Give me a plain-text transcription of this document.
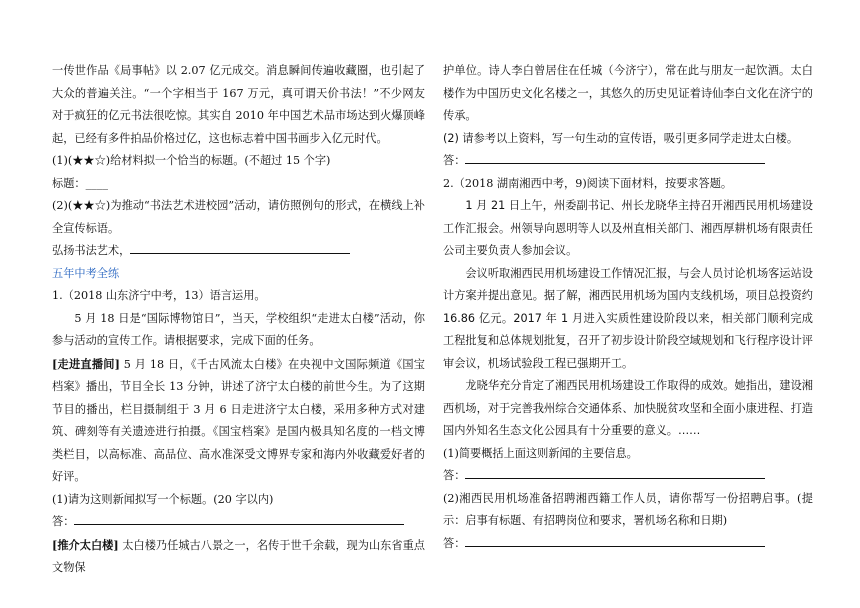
一传世作品《局事帖》以 2.07 亿元成交。消息瞬间传遍收藏圈，也引起了大众的普遍关注。“一个字相当于 167 万元，真可谓天价书法！”不少网友对于疯狂的亿元书法很吃惊。其实自 2010 年中国艺术品市场达到火爆顶峰起，已经有多件拍品价格过亿，这也标志着中国书画步入亿元时代。

(1)(★★☆)给材料拟一个恰当的标题。(不超过 15 个字)

标题：____

(2)(★★☆)为推动“书法艺术进校园”活动，请仿照例句的形式，在横线上补全宣传标语。

弘扬书法艺术，

五年中考全练

1.（2018 山东济宁中考，13）语言运用。

5 月 18 日是“国际博物馆日”，当天，学校组织“走进太白楼”活动，你参与活动的宣传工作。请根据要求，完成下面的任务。

[走进直播间] 5 月 18 日，《千古风流太白楼》在央视中文国际频道《国宝档案》播出，节目全长 13 分钟，讲述了济宁太白楼的前世今生。为了这期节目的播出，栏目摄制组于 3 月 6 日走进济宁太白楼，采用多种方式对建筑、碑刻等有关遗迹进行拍摄。《国宝档案》是国内极具知名度的一档文博类栏目，以高标准、高品位、高水准深受文博界专家和海内外收藏爱好者的好评。

(1)请为这则新闻拟写一个标题。(20 字以内)

答：

[推介太白楼] 太白楼乃任城古八景之一，名传于世千余载，现为山东省重点文物保

护单位。诗人李白曾居住在任城（今济宁），常在此与朋友一起饮酒。太白楼作为中国历史文化名楼之一，其悠久的历史见证着诗仙李白文化在济宁的传承。

(2) 请参考以上资料，写一句生动的宣传语，吸引更多同学走进太白楼。

答：

2.（2018 湖南湘西中考，9)阅读下面材料，按要求答题。

1 月 21 日上午，州委副书记、州长龙晓华主持召开湘西民用机场建设工作汇报会。州领导向恩明等人以及州直相关部门、湘西厚耕机场有限责任公司主要负责人参加会议。

会议听取湘西民用机场建设工作情况汇报，与会人员讨论机场客运站设计方案并提出意见。据了解，湘西民用机场为国内支线机场，项目总投资约 16.86 亿元。2017 年 1 月进入实质性建设阶段以来，相关部门顺利完成工程批复和总体规划批复，召开了初步设计阶段空域规划和飞行程序设计评审会议，机场试验段工程已强期开工。

龙晓华充分肯定了湘西民用机场建设工作取得的成效。她指出，建设湘西机场，对于完善我州综合交通体系、加快脱贫攻坚和全面小康进程、打造国内外知名生态文化公园具有十分重要的意义。……

(1)简要概括上面这则新闻的主要信息。

答：

(2)湘西民用机场准备招聘湘西籍工作人员，请你帮写一份招聘启事。(提示：启事有标题、有招聘岗位和要求，署机场名称和日期)

答：
